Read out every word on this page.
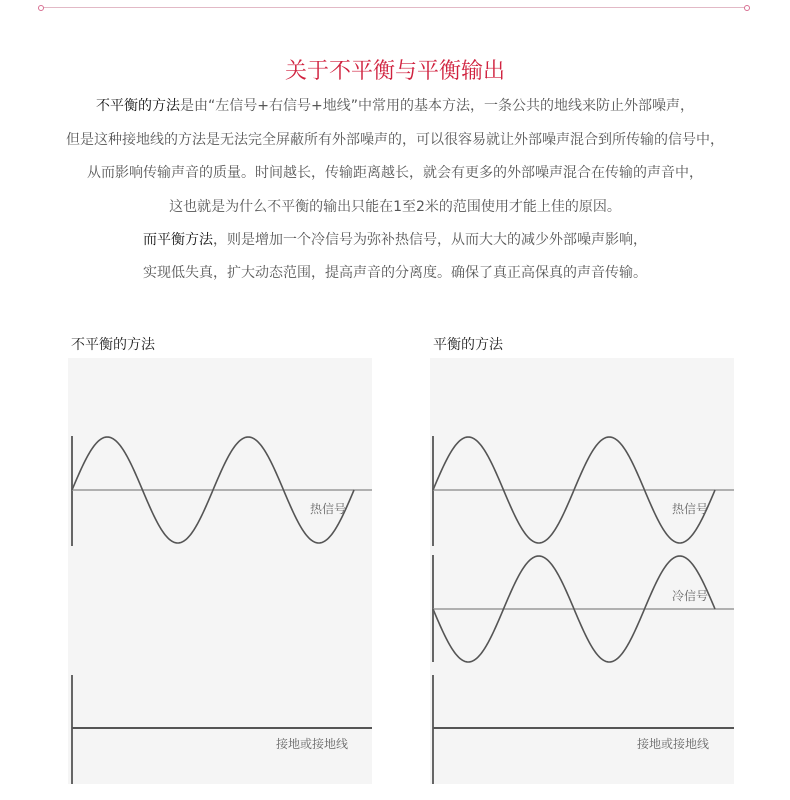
关于不平衡与平衡输出
不平衡的方法是由“左信号+右信号+地线”中常用的基本方法，一条公共的地线来防止外部噪声，
但是这种接地线的方法是无法完全屏蔽所有外部噪声的，可以很容易就让外部噪声混合到所传输的信号中，
从而影响传输声音的质量。时间越长，传输距离越长，就会有更多的外部噪声混合在传输的声音中，
这也就是为什么不平衡的输出只能在1至2米的范围使用才能上佳的原因。
而平衡方法，则是增加一个冷信号为弥补热信号，从而大大的减少外部噪声影响，
实现低失真，扩大动态范围，提高声音的分离度。确保了真正高保真的声音传输。
不平衡的方法	平衡的方法
热信号
接地或接地线
热信号
冷信号
接地或接地线
